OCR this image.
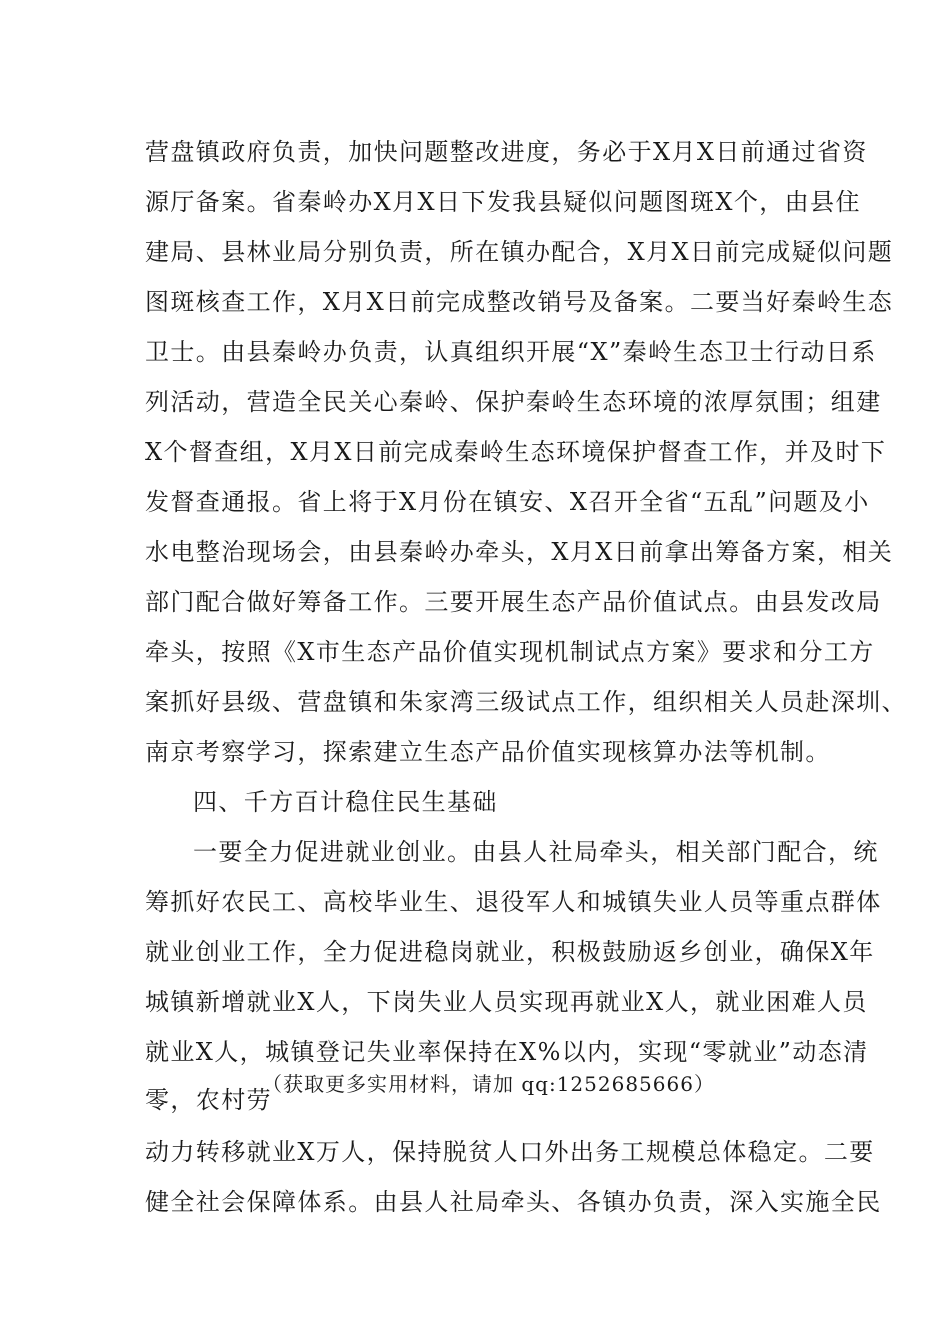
营盘镇政府负责，加快问题整改进度，务必于X月X日前通过省资
源厅备案。省秦岭办X月X日下发我县疑似问题图斑X个，由县住
建局、县林业局分别负责，所在镇办配合，X月X日前完成疑似问题
图斑核查工作，X月X日前完成整改销号及备案。二要当好秦岭生态
卫士。由县秦岭办负责，认真组织开展“X”秦岭生态卫士行动日系
列活动，营造全民关心秦岭、保护秦岭生态环境的浓厚氛围；组建
X个督查组，X月X日前完成秦岭生态环境保护督查工作，并及时下
发督查通报。省上将于X月份在镇安、X召开全省“五乱”问题及小
水电整治现场会，由县秦岭办牵头，X月X日前拿出筹备方案，相关
部门配合做好筹备工作。三要开展生态产品价值试点。由县发改局
牵头，按照《X市生态产品价值实现机制试点方案》要求和分工方
案抓好县级、营盘镇和朱家湾三级试点工作，组织相关人员赴深圳、
南京考察学习，探索建立生态产品价值实现核算办法等机制。
四、千方百计稳住民生基础
一要全力促进就业创业。由县人社局牵头，相关部门配合，统
筹抓好农民工、高校毕业生、退役军人和城镇失业人员等重点群体
就业创业工作，全力促进稳岗就业，积极鼓励返乡创业，确保X年
城镇新增就业X人，下岗失业人员实现再就业X人，就业困难人员
就业X人，城镇登记失业率保持在X%以内，实现“零就业”动态清
零，农村劳
（获取更多实用材料，请加 qq:1252685666）
动力转移就业X万人，保持脱贫人口外出务工规模总体稳定。二要
健全社会保障体系。由县人社局牵头、各镇办负责，深入实施全民
